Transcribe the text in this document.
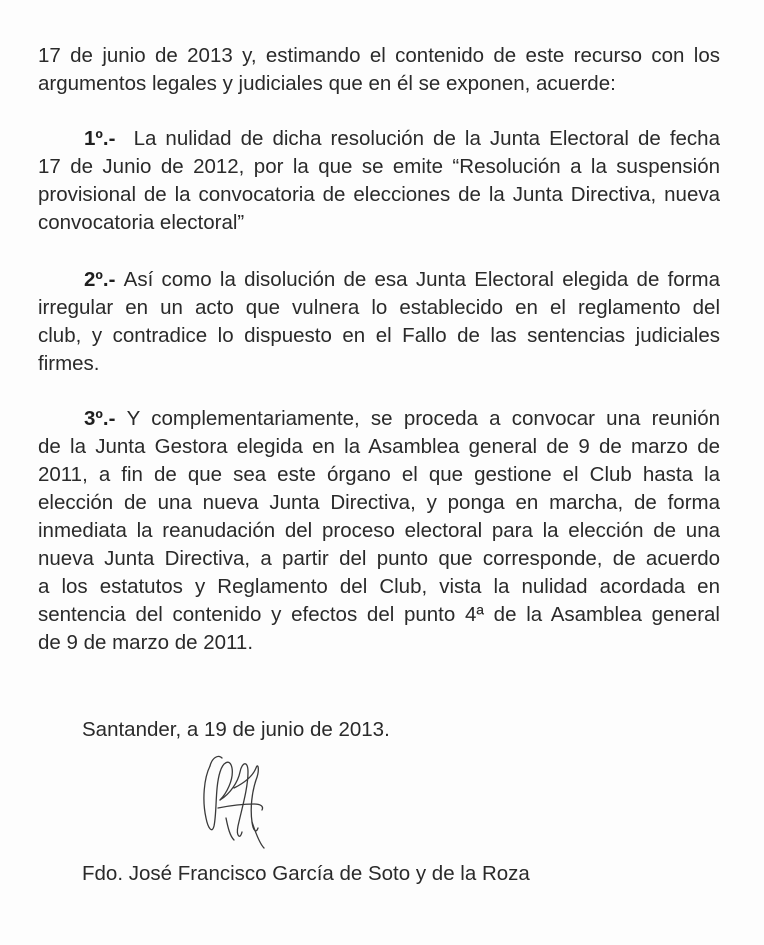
17 de junio de 2013 y, estimando el contenido de este recurso con los
argumentos legales y judiciales que en él se exponen, acuerde:
1º.- La nulidad de dicha resolución de la Junta Electoral de fecha
17 de Junio de 2012, por la que se emite “Resolución a la suspensión
provisional de la convocatoria de elecciones de la Junta Directiva, nueva
convocatoria electoral”
2º.- Así como la disolución de esa Junta Electoral elegida de forma
irregular en un acto que vulnera lo establecido en el reglamento del
club, y contradice lo dispuesto en el Fallo de las sentencias judiciales
firmes.
3º.- Y complementariamente, se proceda a convocar una reunión
de la Junta Gestora elegida en la Asamblea general de 9 de marzo de
2011, a fin de que sea este órgano el que gestione el Club hasta la
elección de una nueva Junta Directiva, y ponga en marcha, de forma
inmediata la reanudación del proceso electoral para la elección de una
nueva Junta Directiva, a partir del punto que corresponde, de acuerdo
a los estatutos y Reglamento del Club, vista la nulidad acordada en
sentencia del contenido y efectos del punto 4ª de la Asamblea general
de 9 de marzo de 2011.
Santander, a 19 de junio de 2013.
Fdo. José Francisco García de Soto y de la Roza
